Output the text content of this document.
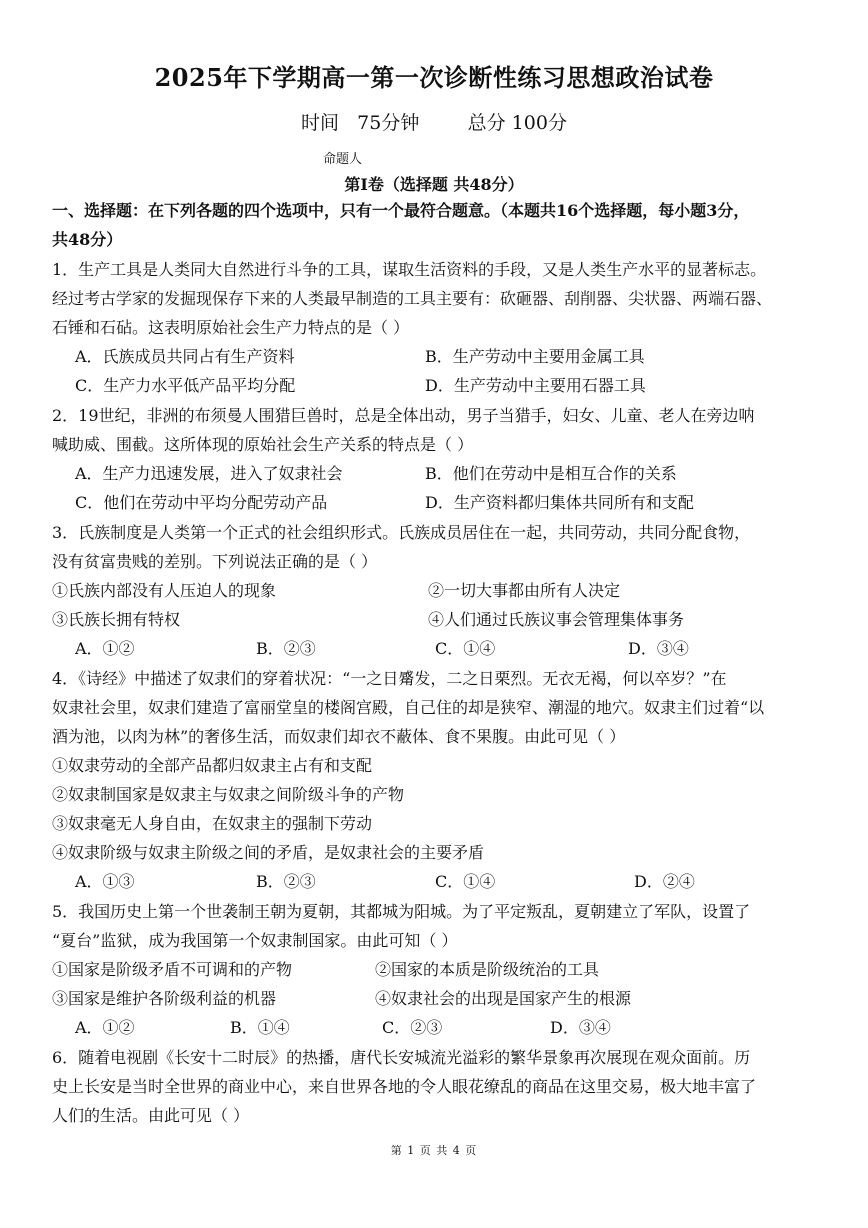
2025年下学期高一第一次诊断性练习思想政治试卷
时间   75分钟        总分 100分
命题人
第I卷（选择题 共48分）
一、选择题：在下列各题的四个选项中，只有一个最符合题意。（本题共16个选择题，每小题3分，
共48分）
1．生产工具是人类同大自然进行斗争的工具，谋取生活资料的手段，又是人类生产水平的显著标志。
经过考古学家的发掘现保存下来的人类最早制造的工具主要有：砍砸器、刮削器、尖状器、两端石器、
石锤和石砧。这表明原始社会生产力特点的是（ ）
A．氏族成员共同占有生产资料	B．生产劳动中主要用金属工具
C．生产力水平低产品平均分配	D．生产劳动中主要用石器工具
2．19世纪，非洲的布须曼人围猎巨兽时，总是全体出动，男子当猎手，妇女、儿童、老人在旁边呐
喊助威、围截。这所体现的原始社会生产关系的特点是（ ）
A．生产力迅速发展，进入了奴隶社会	B．他们在劳动中是相互合作的关系
C．他们在劳动中平均分配劳动产品	D．生产资料都归集体共同所有和支配
3．氏族制度是人类第一个正式的社会组织形式。氏族成员居住在一起，共同劳动，共同分配食物，
没有贫富贵贱的差别。下列说法正确的是（ ）
①氏族内部没有人压迫人的现象	②一切大事都由所有人决定
③氏族长拥有特权	④人们通过氏族议事会管理集体事务
A．①②	B．②③	C．①④	D．③④
4．《诗经》中描述了奴隶们的穿着状况：“一之日觱发，二之日栗烈。无衣无褐，何以卒岁？”在
奴隶社会里，奴隶们建造了富丽堂皇的楼阁宫殿，自己住的却是狭窄、潮湿的地穴。奴隶主们过着“以
酒为池，以肉为林”的奢侈生活，而奴隶们却衣不蔽体、食不果腹。由此可见（ ）
①奴隶劳动的全部产品都归奴隶主占有和支配
②奴隶制国家是奴隶主与奴隶之间阶级斗争的产物
③奴隶毫无人身自由，在奴隶主的强制下劳动
④奴隶阶级与奴隶主阶级之间的矛盾，是奴隶社会的主要矛盾
A．①③	B．②③	C．①④	D．②④
5．我国历史上第一个世袭制王朝为夏朝，其都城为阳城。为了平定叛乱，夏朝建立了军队，设置了
“夏台”监狱，成为我国第一个奴隶制国家。由此可知（ ）
①国家是阶级矛盾不可调和的产物	②国家的本质是阶级统治的工具
③国家是维护各阶级利益的机器	④奴隶社会的出现是国家产生的根源
A．①②	B．①④	C．②③	D．③④
6．随着电视剧《长安十二时辰》的热播，唐代长安城流光溢彩的繁华景象再次展现在观众面前。历
史上长安是当时全世界的商业中心，来自世界各地的令人眼花缭乱的商品在这里交易，极大地丰富了
人们的生活。由此可见（ ）
第 1 页 共 4 页
